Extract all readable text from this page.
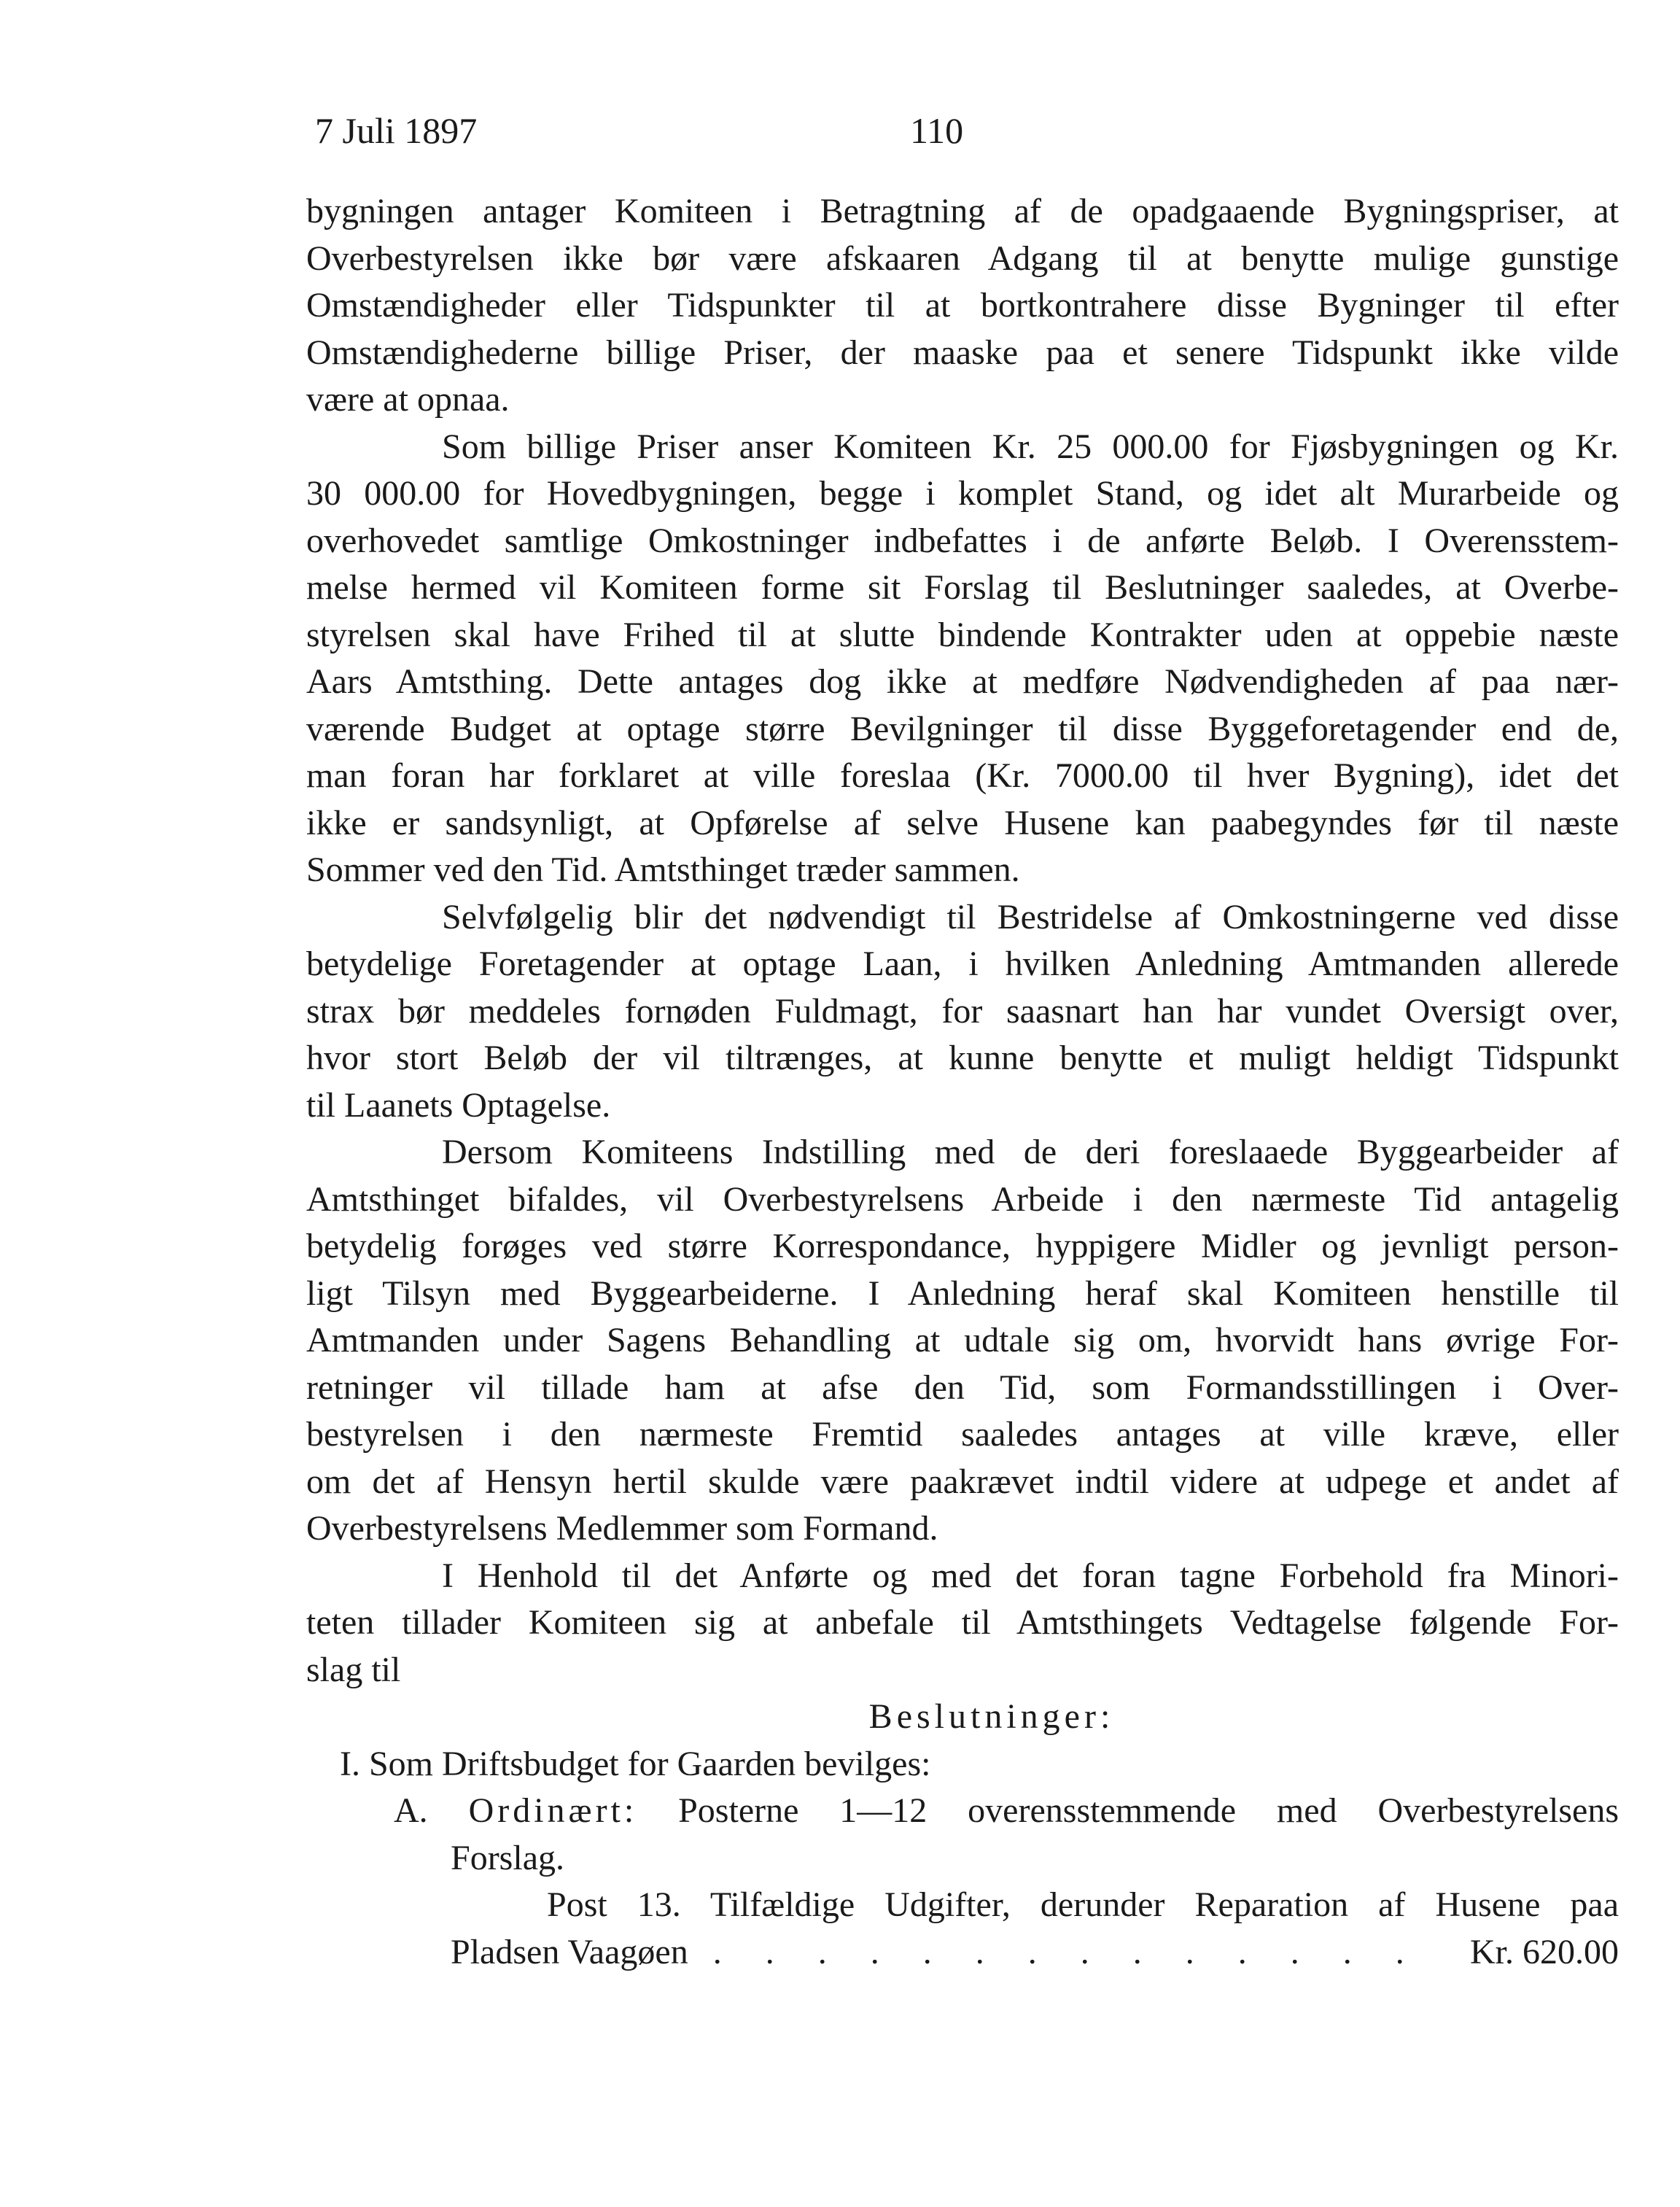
7 Juli 1897	110
bygningen antager Komiteen i Betragtning af de opadgaaende Bygningspriser, at
Overbestyrelsen ikke bør være afskaaren Adgang til at benytte mulige gunstige
Omstændigheder eller Tidspunkter til at bortkontrahere disse Bygninger til efter
Omstændighederne billige Priser, der maaske paa et senere Tidspunkt ikke vilde
være at opnaa.
Som billige Priser anser Komiteen Kr. 25 000.00 for Fjøsbygningen og Kr.
30 000.00 for Hovedbygningen, begge i komplet Stand, og idet alt Murarbeide og
overhovedet samtlige Omkostninger indbefattes i de anførte Beløb. I Overensstem-
melse hermed vil Komiteen forme sit Forslag til Beslutninger saaledes, at Overbe-
styrelsen skal have Frihed til at slutte bindende Kontrakter uden at oppebie næste
Aars Amtsthing. Dette antages dog ikke at medføre Nødvendigheden af paa nær-
værende Budget at optage større Bevilgninger til disse Byggeforetagender end de,
man foran har forklaret at ville foreslaa (Kr. 7000.00 til hver Bygning), idet det
ikke er sandsynligt, at Opførelse af selve Husene kan paabegyndes før til næste
Sommer ved den Tid. Amtsthinget træder sammen.
Selvfølgelig blir det nødvendigt til Bestridelse af Omkostningerne ved disse
betydelige Foretagender at optage Laan, i hvilken Anledning Amtmanden allerede
strax bør meddeles fornøden Fuldmagt, for saasnart han har vundet Oversigt over,
hvor stort Beløb der vil tiltrænges, at kunne benytte et muligt heldigt Tidspunkt
til Laanets Optagelse.
Dersom Komiteens Indstilling med de deri foreslaaede Byggearbeider af
Amtsthinget bifaldes, vil Overbestyrelsens Arbeide i den nærmeste Tid antagelig
betydelig forøges ved større Korrespondance, hyppigere Midler og jevnligt person-
ligt Tilsyn med Byggearbeiderne. I Anledning heraf skal Komiteen henstille til
Amtmanden under Sagens Behandling at udtale sig om, hvorvidt hans øvrige For-
retninger vil tillade ham at afse den Tid, som Formandsstillingen i Over-
bestyrelsen i den nærmeste Fremtid saaledes antages at ville kræve, eller
om det af Hensyn hertil skulde være paakrævet indtil videre at udpege et andet af
Overbestyrelsens Medlemmer som Formand.
I Henhold til det Anførte og med det foran tagne Forbehold fra Minori-
teten tillader Komiteen sig at anbefale til Amtsthingets Vedtagelse følgende For-
slag til
Beslutninger:
I. Som Driftsbudget for Gaarden bevilges:
A. Ordinært: Posterne 1—12 overensstemmende med Overbestyrelsens
Forslag.
Post 13. Tilfældige Udgifter, derunder Reparation af Husene paa
Pladsen Vaagøen . . . . . . . . . . . . . .	Kr. 620.00
